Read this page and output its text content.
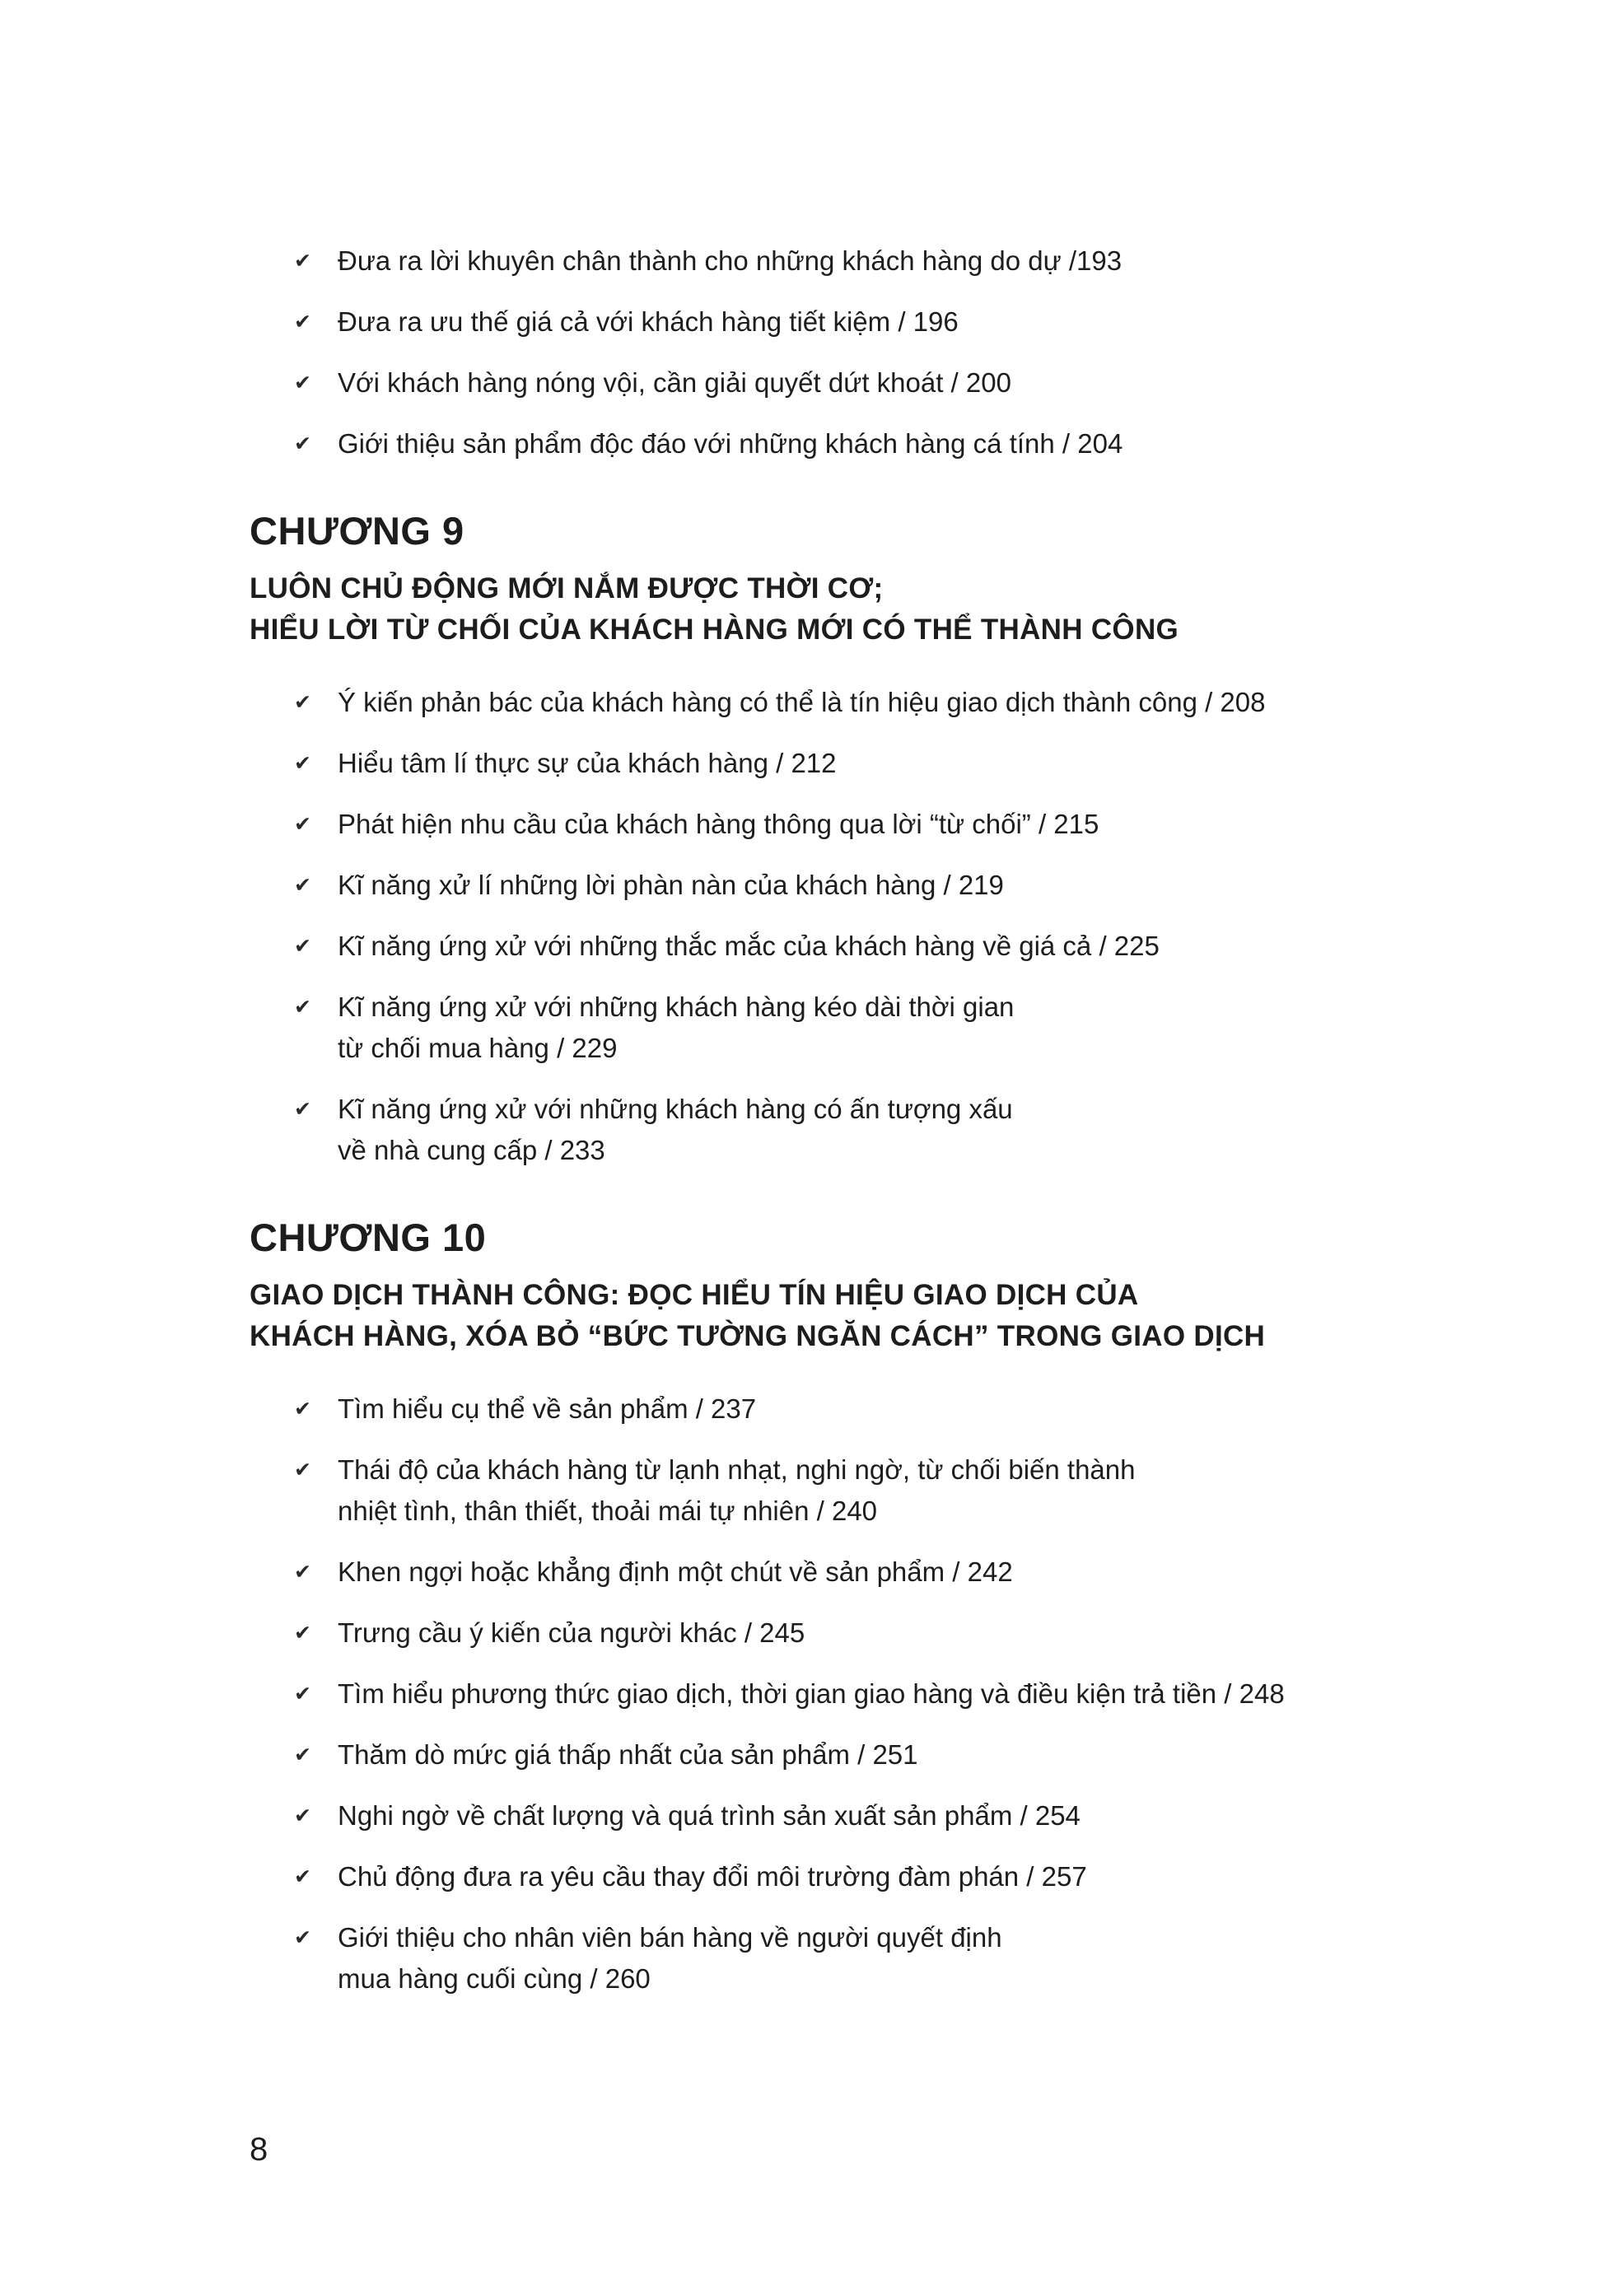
✔ Đưa ra lời khuyên chân thành cho những khách hàng do dự /193
✔ Đưa ra ưu thế giá cả với khách hàng tiết kiệm / 196
✔ Với khách hàng nóng vội, cần giải quyết dứt khoát / 200
✔ Giới thiệu sản phẩm độc đáo với những khách hàng cá tính / 204
CHƯƠNG 9
LUÔN CHỦ ĐỘNG MỚI NẮM ĐƯỢC THỜI CƠ;
HIỂU LỜI TỪ CHỐI CỦA KHÁCH HÀNG MỚI CÓ THỂ THÀNH CÔNG
✔ Ý kiến phản bác của khách hàng có thể là tín hiệu giao dịch thành công / 208
✔ Hiểu tâm lí thực sự của khách hàng / 212
✔ Phát hiện nhu cầu của khách hàng thông qua lời “từ chối” / 215
✔ Kĩ năng xử lí những lời phàn nàn của khách hàng / 219
✔ Kĩ năng ứng xử với những thắc mắc của khách hàng về giá cả / 225
✔ Kĩ năng ứng xử với những khách hàng kéo dài thời gian
từ chối mua hàng / 229
✔ Kĩ năng ứng xử với những khách hàng có ấn tượng xấu
về nhà cung cấp / 233
CHƯƠNG 10
GIAO DỊCH THÀNH CÔNG: ĐỌC HIỂU TÍN HIỆU GIAO DỊCH CỦA
KHÁCH HÀNG, XÓA BỎ “BỨC TƯỜNG NGĂN CÁCH” TRONG GIAO DỊCH
✔ Tìm hiểu cụ thể về sản phẩm / 237
✔ Thái độ của khách hàng từ lạnh nhạt, nghi ngờ, từ chối biến thành
nhiệt tình, thân thiết, thoải mái tự nhiên / 240
✔ Khen ngợi hoặc khẳng định một chút về sản phẩm / 242
✔ Trưng cầu ý kiến của người khác / 245
✔ Tìm hiểu phương thức giao dịch, thời gian giao hàng và điều kiện trả tiền / 248
✔ Thăm dò mức giá thấp nhất của sản phẩm / 251
✔ Nghi ngờ về chất lượng và quá trình sản xuất sản phẩm / 254
✔ Chủ động đưa ra yêu cầu thay đổi môi trường đàm phán / 257
✔ Giới thiệu cho nhân viên bán hàng về người quyết định
mua hàng cuối cùng / 260
8
